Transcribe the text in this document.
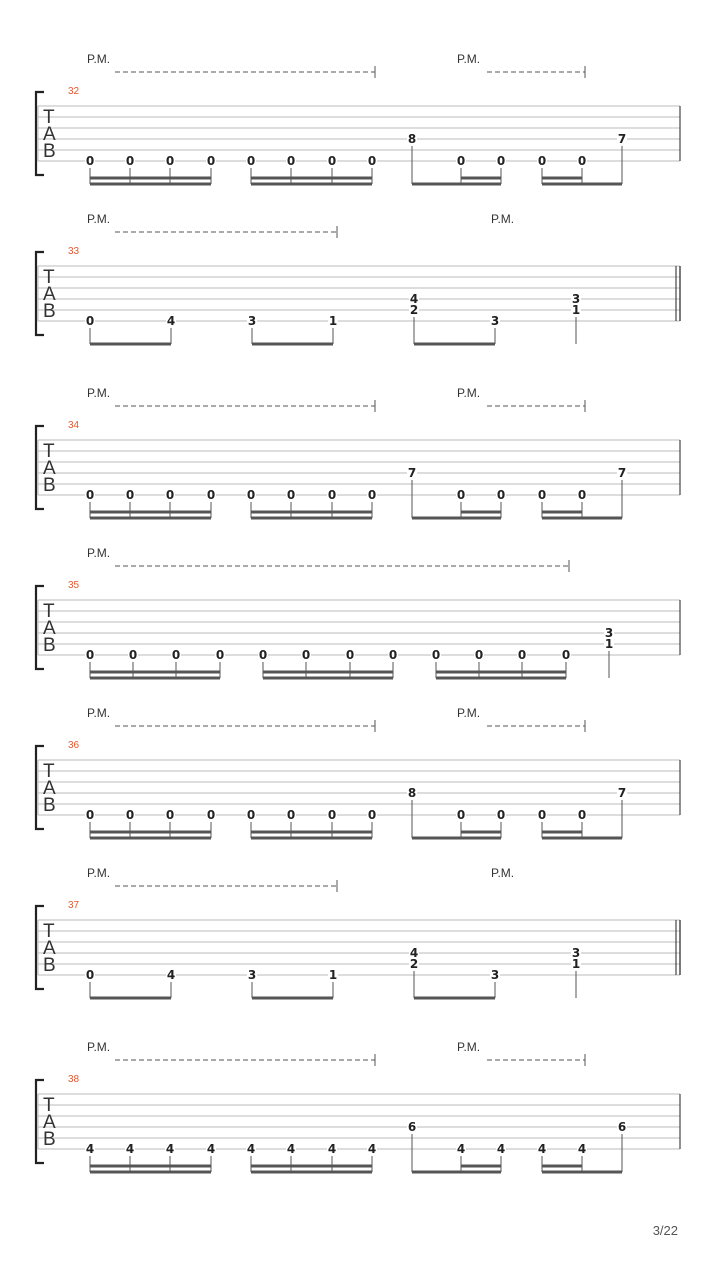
32
T
A
B
P.M.	P.M.
0	0	0	0	0	0	0	0
8
0	0	0	0
7
33
T
A
B
P.M.	P.M.
0	4	3	1
4
2
3
3
1
34
T
A
B
P.M.	P.M.
0	0	0	0	0	0	0	0
7
0	0	0	0
7
35
T
A
B
P.M.
0	0	0	0	0	0	0	0	0	0	0	0
3
1
36
T
A
B
P.M.	P.M.
0	0	0	0	0	0	0	0
8
0	0	0	0
7
37
T
A
B
P.M.	P.M.
0	4	3	1
4
2
3
3
1
38
T
A
B
P.M.	P.M.
4	4	4	4	4	4	4	4
6
4	4	4	4
6
3/22
